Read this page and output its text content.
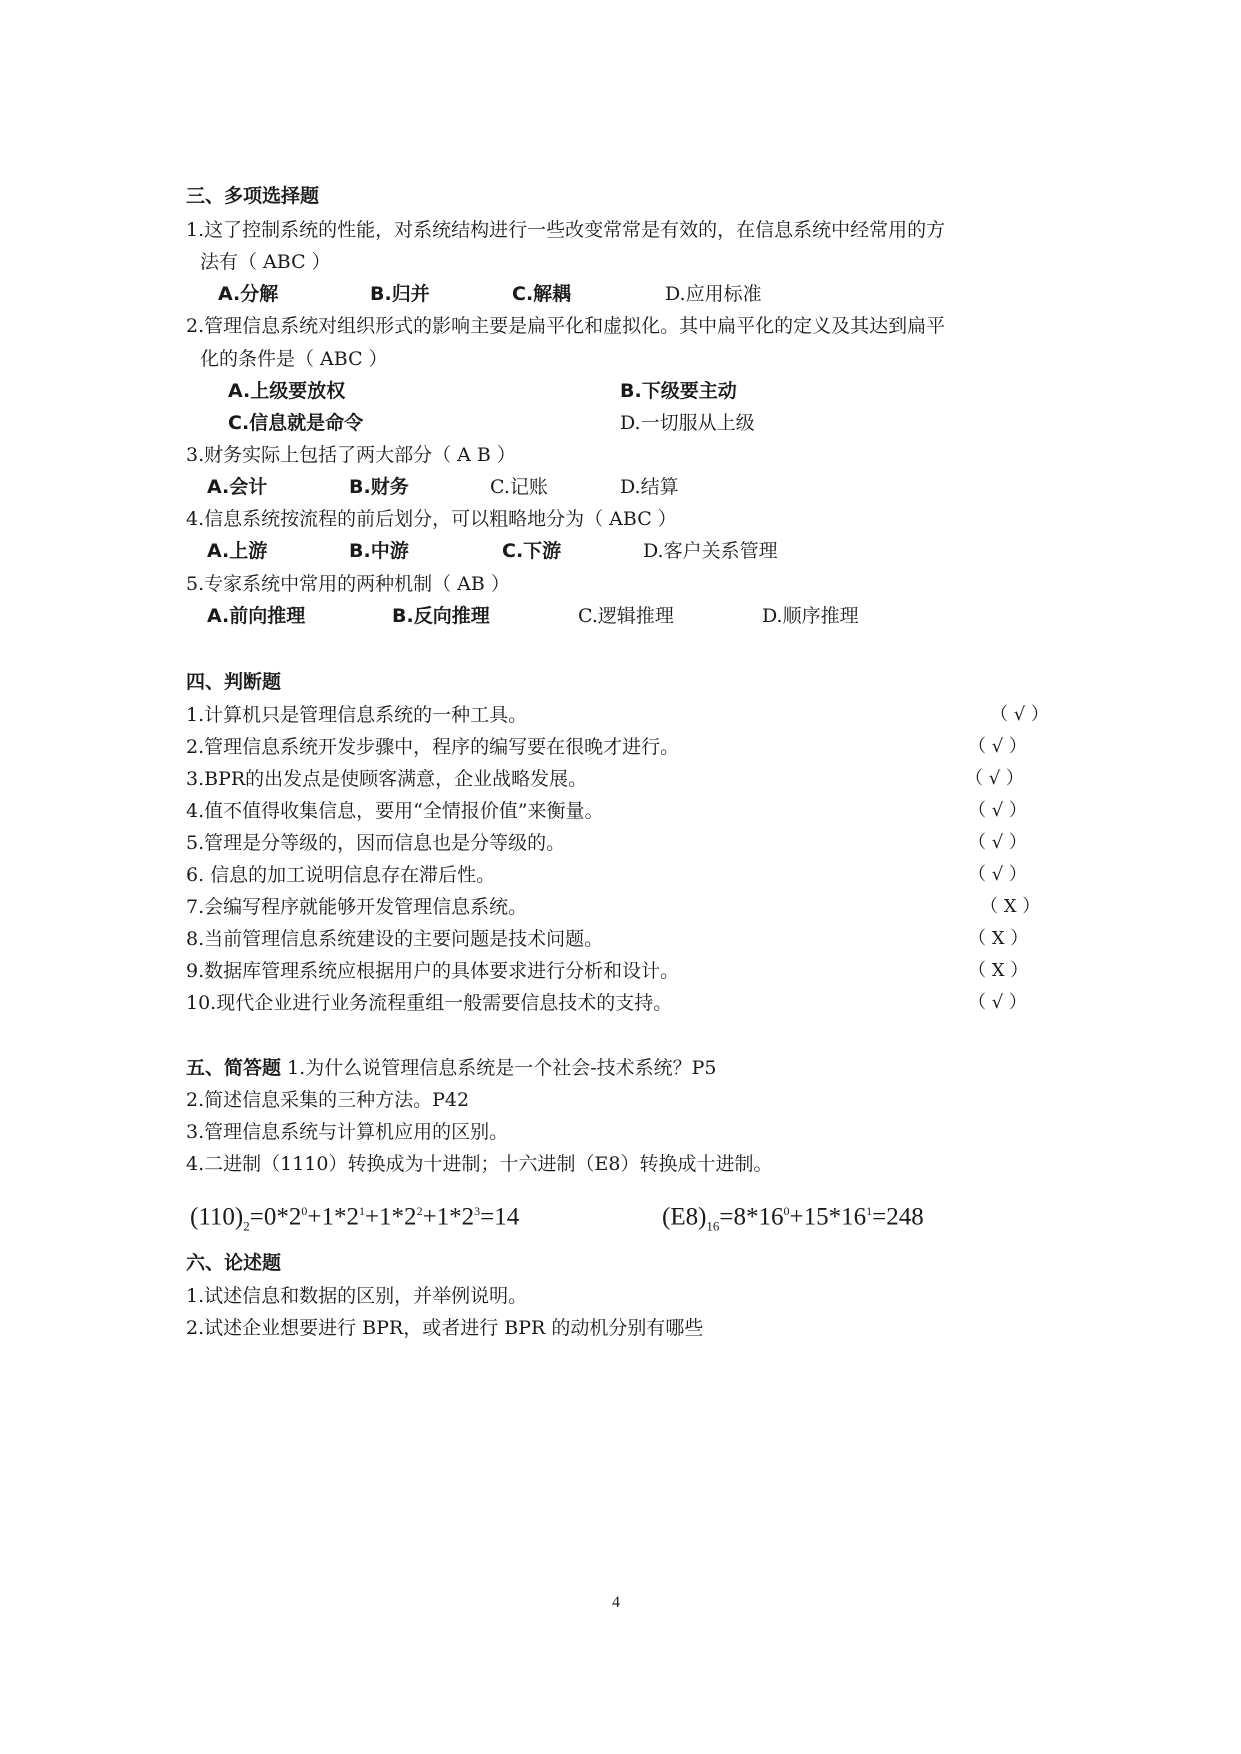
三、多项选择题
1.这了控制系统的性能，对系统结构进行一些改变常常是有效的，在信息系统中经常用的方
法有（ ABC ）
A.分解	B.归并	C.解耦	D.应用标准
2.管理信息系统对组织形式的影响主要是扁平化和虚拟化。其中扁平化的定义及其达到扁平
化的条件是（ ABC ）
A.上级要放权	B.下级要主动
C.信息就是命令	D.一切服从上级
3.财务实际上包括了两大部分（ A B ）
A.会计	B.财务	C.记账	D.结算
4.信息系统按流程的前后划分，可以粗略地分为（ ABC ）
A.上游	B.中游	C.下游	D.客户关系管理
5.专家系统中常用的两种机制（ AB ）
A.前向推理	B.反向推理	C.逻辑推理	D.顺序推理
四、判断题
1.计算机只是管理信息系统的一种工具。	（ √ ）
2.管理信息系统开发步骤中，程序的编写要在很晚才进行。	（ √ ）
3.BPR的出发点是使顾客满意，企业战略发展。	（ √ ）
4.值不值得收集信息，要用“全情报价值”来衡量。	（ √ ）
5.管理是分等级的，因而信息也是分等级的。	（ √ ）
6. 信息的加工说明信息存在滞后性。	（ √ ）
7.会编写程序就能够开发管理信息系统。	（ X ）
8.当前管理信息系统建设的主要问题是技术问题。	（ X ）
9.数据库管理系统应根据用户的具体要求进行分析和设计。	（ X ）
10.现代企业进行业务流程重组一般需要信息技术的支持。	（ √ ）
五、简答题 1.为什么说管理信息系统是一个社会-技术系统？P5
2.简述信息采集的三种方法。P42
3.管理信息系统与计算机应用的区别。
4.二进制（1110）转换成为十进制；十六进制（E8）转换成十进制。
$(110)_2=0*2^0+1*2^1+1*2^2+1*2^3=14$	$(E8)_{16}=8*16^0+15*16^1=248$
六、论述题
1.试述信息和数据的区别，并举例说明。
2.试述企业想要进行 BPR，或者进行 BPR 的动机分别有哪些
4
